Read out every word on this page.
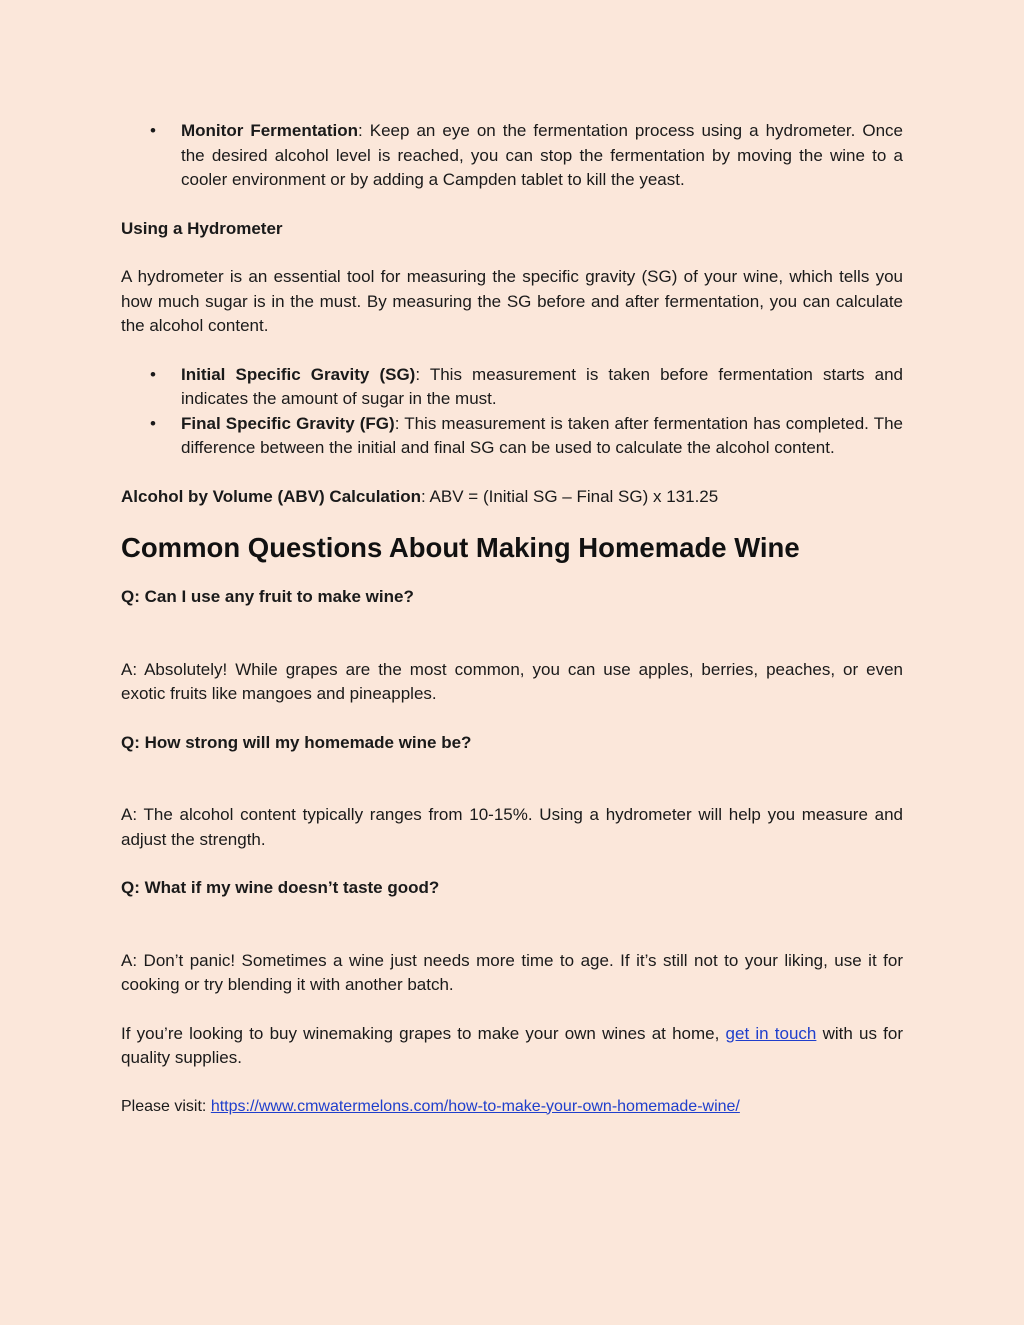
• Monitor Fermentation: Keep an eye on the fermentation process using a hydrometer. Once the desired alcohol level is reached, you can stop the fermentation by moving the wine to a cooler environment or by adding a Campden tablet to kill the yeast.

Using a Hydrometer

A hydrometer is an essential tool for measuring the specific gravity (SG) of your wine, which tells you how much sugar is in the must. By measuring the SG before and after fermentation, you can calculate the alcohol content.

• Initial Specific Gravity (SG): This measurement is taken before fermentation starts and indicates the amount of sugar in the must.
• Final Specific Gravity (FG): This measurement is taken after fermentation has completed. The difference between the initial and final SG can be used to calculate the alcohol content.

Alcohol by Volume (ABV) Calculation: ABV = (Initial SG – Final SG) x 131.25

Common Questions About Making Homemade Wine

Q: Can I use any fruit to make wine?

A: Absolutely! While grapes are the most common, you can use apples, berries, peaches, or even exotic fruits like mangoes and pineapples.

Q: How strong will my homemade wine be?

A: The alcohol content typically ranges from 10-15%. Using a hydrometer will help you measure and adjust the strength.

Q: What if my wine doesn’t taste good?

A: Don’t panic! Sometimes a wine just needs more time to age. If it’s still not to your liking, use it for cooking or try blending it with another batch.

If you’re looking to buy winemaking grapes to make your own wines at home, get in touch with us for quality supplies.

Please visit: https://www.cmwatermelons.com/how-to-make-your-own-homemade-wine/
